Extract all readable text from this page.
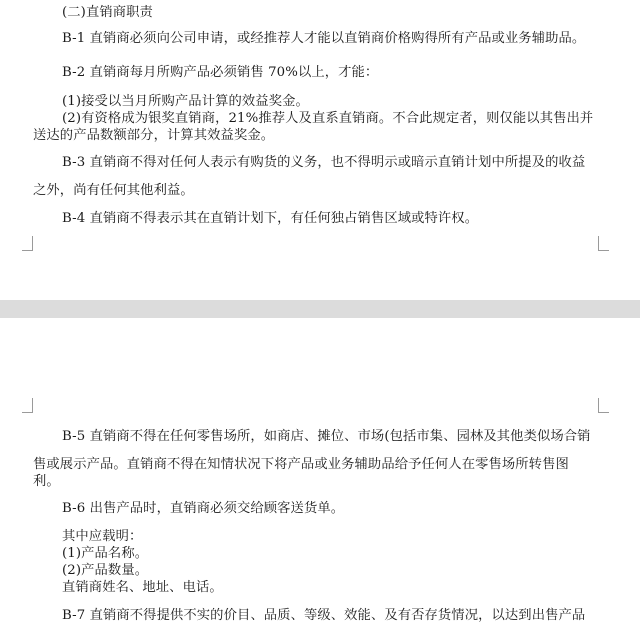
(二)直销商职责
B-1 直销商必须向公司申请，或经推荐人才能以直销商价格购得所有产品或业务辅助品。
B-2 直销商每月所购产品必须销售 70%以上，才能：
(1)接受以当月所购产品计算的效益奖金。
(2)有资格成为银奖直销商，21%推荐人及直系直销商。不合此规定者，则仅能以其售出并
送达的产品数额部分，计算其效益奖金。
B-3 直销商不得对任何人表示有购货的义务，也不得明示或暗示直销计划中所提及的收益
之外，尚有任何其他利益。
B-4 直销商不得表示其在直销计划下，有任何独占销售区域或特许权。
B-5 直销商不得在任何零售场所，如商店、摊位、市场(包括市集、园林及其他类似场合销
售或展示产品。直销商不得在知情状况下将产品或业务辅助品给予任何人在零售场所转售图
利。
B-6 出售产品时，直销商必须交给顾客送货单。
其中应载明：
(1)产品名称。
(2)产品数量。
直销商姓名、地址、电话。
B-7 直销商不得提供不实的价目、品质、等级、效能、及有否存货情况，以达到出售产品
